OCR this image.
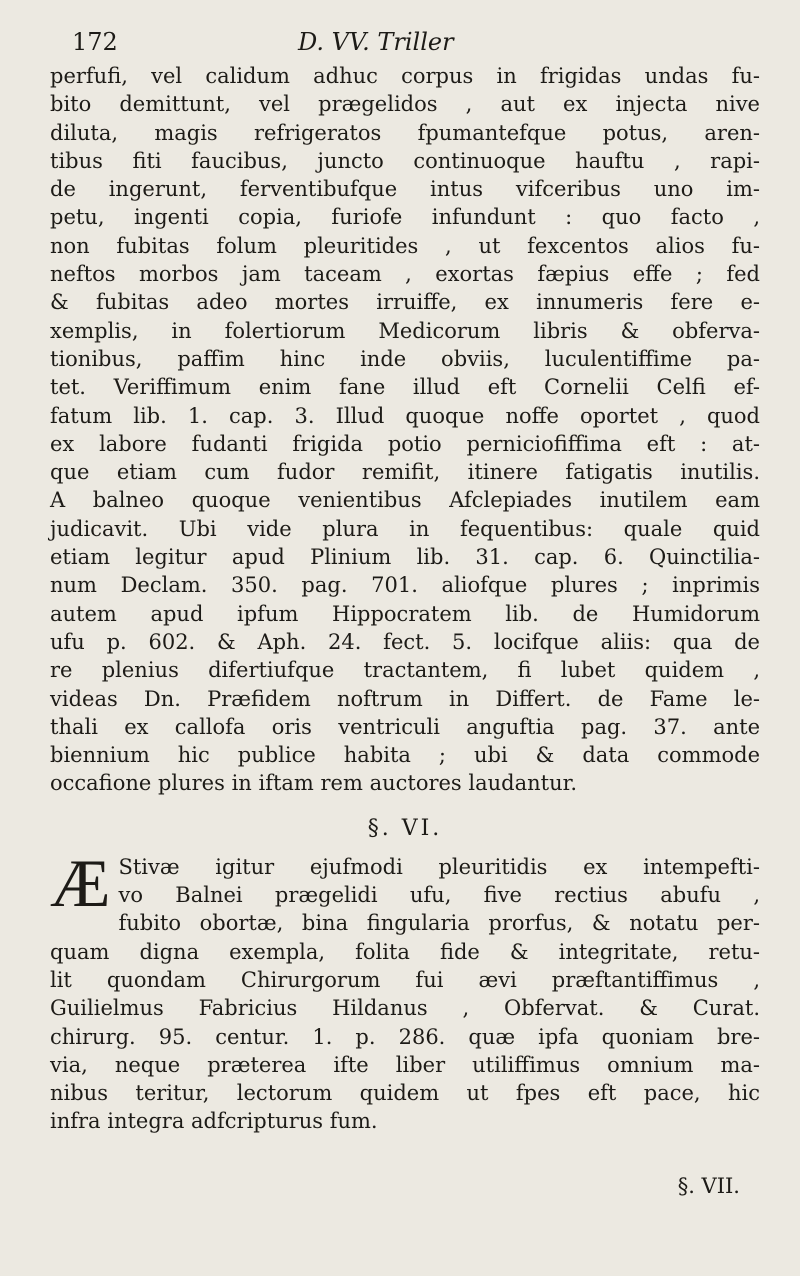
172	D. VV. Triller

perfufi, vel calidum adhuc corpus in frigidas undas fu-
bito demittunt, vel prægelidos , aut ex injecta nive
diluta, magis refrigeratos fpumantefque potus, aren-
tibus fiti faucibus, juncto continuoque hauftu , rapi-
de ingerunt, ferventibufque intus vifceribus uno im-
petu, ingenti copia, furiofe infundunt : quo facto ,
non fubitas folum pleuritides , ut fexcentos alios fu-
neftos morbos jam taceam , exortas fæpius effe ; fed
& fubitas adeo mortes irruiffe, ex innumeris fere e-
xemplis, in folertiorum Medicorum libris & obferva-
tionibus, paffim hinc inde obviis, luculentiffime pa-
tet. Veriffimum enim fane illud eft Cornelii Celfi ef-
fatum lib. 1. cap. 3. Illud quoque noffe oportet , quod
ex labore fudanti frigida potio perniciofiffima eft : at-
que etiam cum fudor remifit, itinere fatigatis inutilis.
A balneo quoque venientibus Afclepiades inutilem eam
judicavit. Ubi vide plura in fequentibus: quale quid
etiam legitur apud Plinium lib. 31. cap. 6. Quinctilia-
num Declam. 350. pag. 701. aliofque plures ; inprimis
autem apud ipfum Hippocratem lib. de Humidorum
ufu p. 602. & Aph. 24. fect. 5. locifque aliis: qua de
re plenius difertiufque tractantem, fi lubet quidem ,
videas Dn. Præfidem noftrum in Differt. de Fame le-
thali ex callofa oris ventriculi anguftia pag. 37. ante
biennium hic publice habita ; ubi & data commode
occafione plures in iftam rem auctores laudantur.

§. VI.
Æ Stivæ igitur ejufmodi pleuritidis ex intempefti-
vo Balnei prægelidi ufu, five rectius abufu ,
fubito obortæ, bina fingularia prorfus, & notatu per-
quam digna exempla, folita fide & integritate, retu-
lit quondam Chirurgorum fui ævi præftantiffimus ,
Guilielmus Fabricius Hildanus , Obfervat. & Curat.
chirurg. 95. centur. 1. p. 286. quæ ipfa quoniam bre-
via, neque præterea ifte liber utiliffimus omnium ma-
nibus teritur, lectorum quidem ut fpes eft pace, hic
infra integra adfcripturus fum.

§. VII.
